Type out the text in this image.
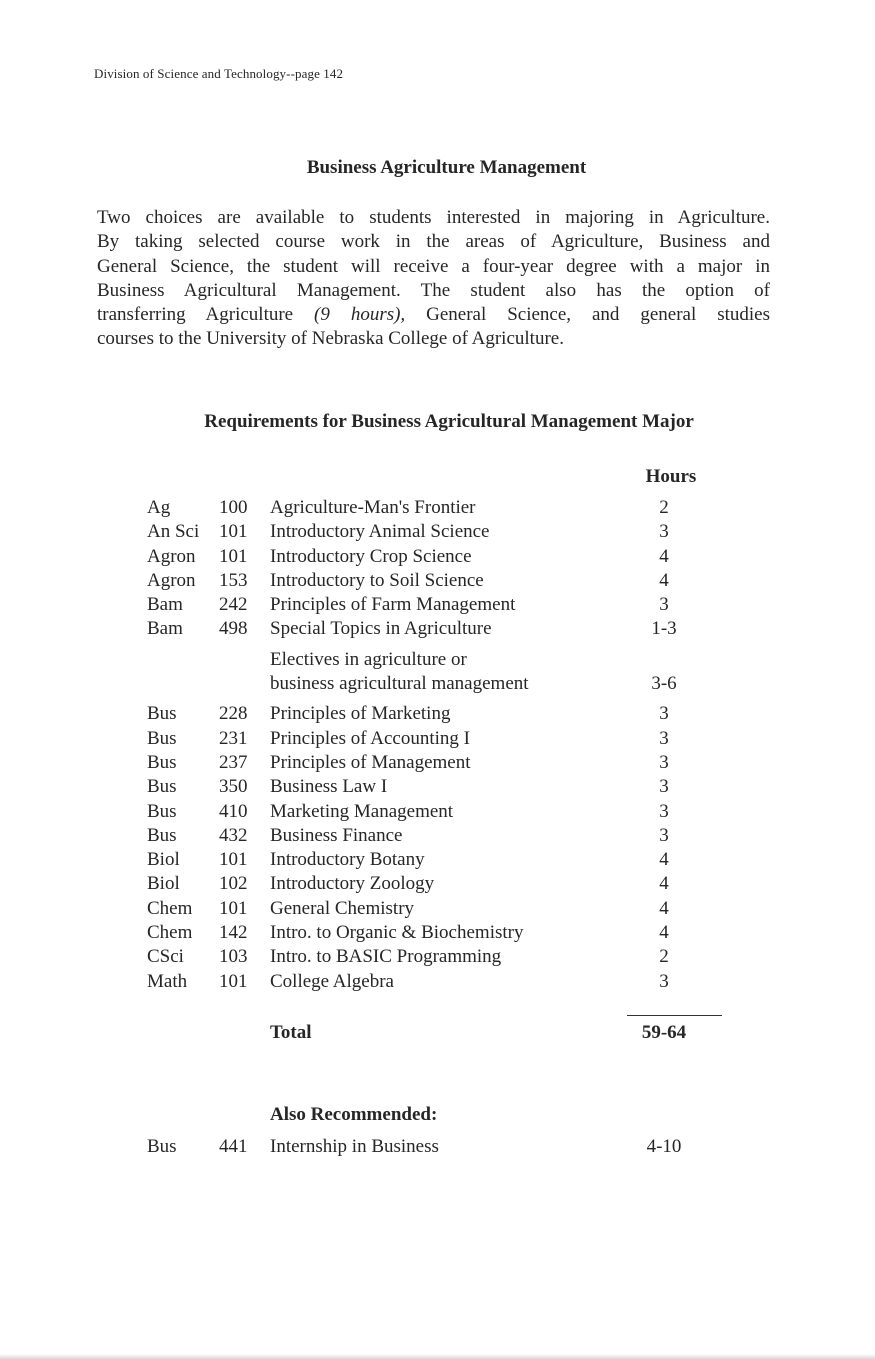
Division of Science and Technology--page 142
Business Agriculture Management
Two choices are available to students interested in majoring in Agriculture.
By taking selected course work in the areas of Agriculture, Business and
General Science, the student will receive a four-year degree with a major in
Business Agricultural Management. The student also has the option of
transferring Agriculture (9 hours), General Science, and general studies
courses to the University of Nebraska College of Agriculture.
Requirements for Business Agricultural Management Major
Hours
Ag	100	Agriculture-Man's Frontier	2
An Sci	101	Introductory Animal Science	3
Agron	101	Introductory Crop Science	4
Agron	153	Introductory to Soil Science	4
Bam	242	Principles of Farm Management	3
Bam	498	Special Topics in Agriculture	1-3
Electives in agriculture or
business agricultural management	3-6
Bus	228	Principles of Marketing	3
Bus	231	Principles of Accounting I	3
Bus	237	Principles of Management	3
Bus	350	Business Law I	3
Bus	410	Marketing Management	3
Bus	432	Business Finance	3
Biol	101	Introductory Botany	4
Biol	102	Introductory Zoology	4
Chem	101	General Chemistry	4
Chem	142	Intro. to Organic & Biochemistry	4
CSci	103	Intro. to BASIC Programming	2
Math	101	College Algebra	3
Total	59-64
Also Recommended:
Bus	441	Internship in Business	4-10
